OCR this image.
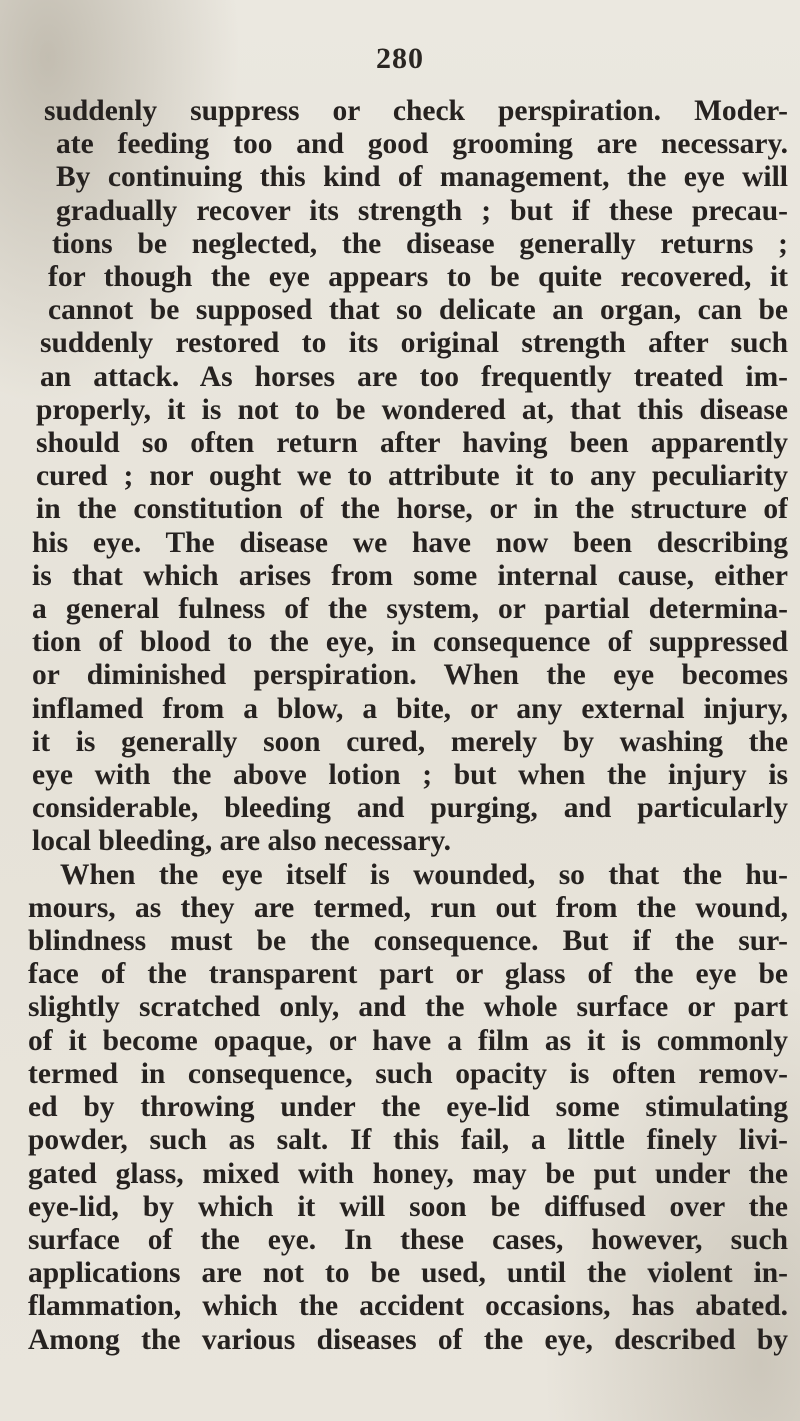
280
suddenly suppress or check perspiration. Moder-
ate feeding too and good grooming are necessary.
By continuing this kind of management, the eye will
gradually recover its strength ; but if these precau-
tions be neglected, the disease generally returns ;
for though the eye appears to be quite recovered, it
cannot be supposed that so delicate an organ, can be
suddenly restored to its original strength after such
an attack. As horses are too frequently treated im-
properly, it is not to be wondered at, that this disease
should so often return after having been apparently
cured ; nor ought we to attribute it to any peculiarity
in the constitution of the horse, or in the structure of
his eye. The disease we have now been describing
is that which arises from some internal cause, either
a general fulness of the system, or partial determina-
tion of blood to the eye, in consequence of suppressed
or diminished perspiration. When the eye becomes
inflamed from a blow, a bite, or any external injury,
it is generally soon cured, merely by washing the
eye with the above lotion ; but when the injury is
considerable, bleeding and purging, and particularly
local bleeding, are also necessary.
When the eye itself is wounded, so that the hu-
mours, as they are termed, run out from the wound,
blindness must be the consequence. But if the sur-
face of the transparent part or glass of the eye be
slightly scratched only, and the whole surface or part
of it become opaque, or have a film as it is commonly
termed in consequence, such opacity is often remov-
ed by throwing under the eye-lid some stimulating
powder, such as salt. If this fail, a little finely livi-
gated glass, mixed with honey, may be put under the
eye-lid, by which it will soon be diffused over the
surface of the eye. In these cases, however, such
applications are not to be used, until the violent in-
flammation, which the accident occasions, has abated.
Among the various diseases of the eye, described by
